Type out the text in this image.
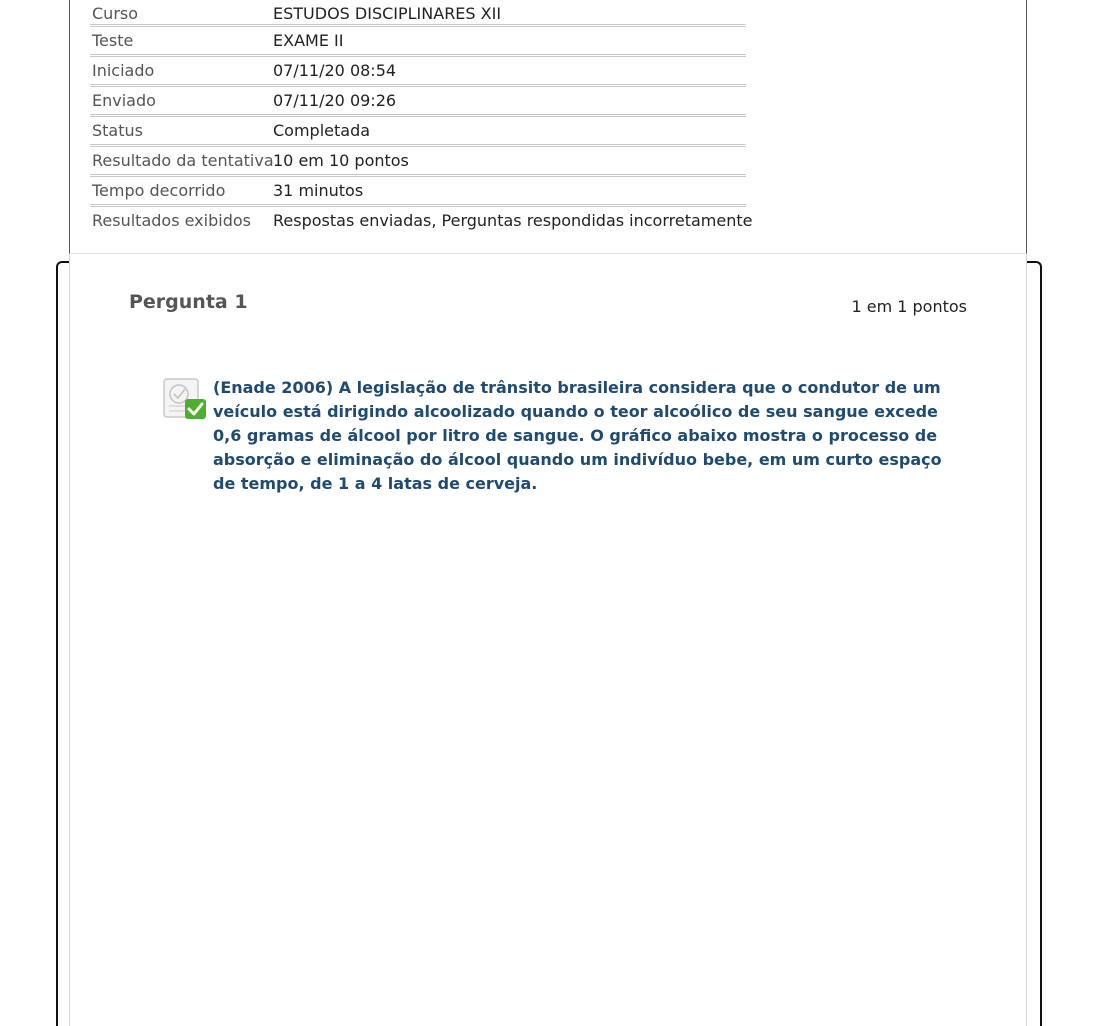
Curso	ESTUDOS DISCIPLINARES XII
Teste	EXAME II
Iniciado	07/11/20 08:54
Enviado	07/11/20 09:26
Status	Completada
Resultado da tentativa 10 em 10 pontos
Tempo decorrido	31 minutos
Resultados exibidos Respostas enviadas, Perguntas respondidas incorretamente
Pergunta 1	1 em 1 pontos
(Enade 2006) A legislação de trânsito brasileira considera que o condutor de um veículo está dirigindo alcoolizado quando o teor alcoólico de seu sangue excede 0,6 gramas de álcool por litro de sangue. O gráfico abaixo mostra o processo de absorção e eliminação do álcool quando um indivíduo bebe, em um curto espaço de tempo, de 1 a 4 latas de cerveja.
